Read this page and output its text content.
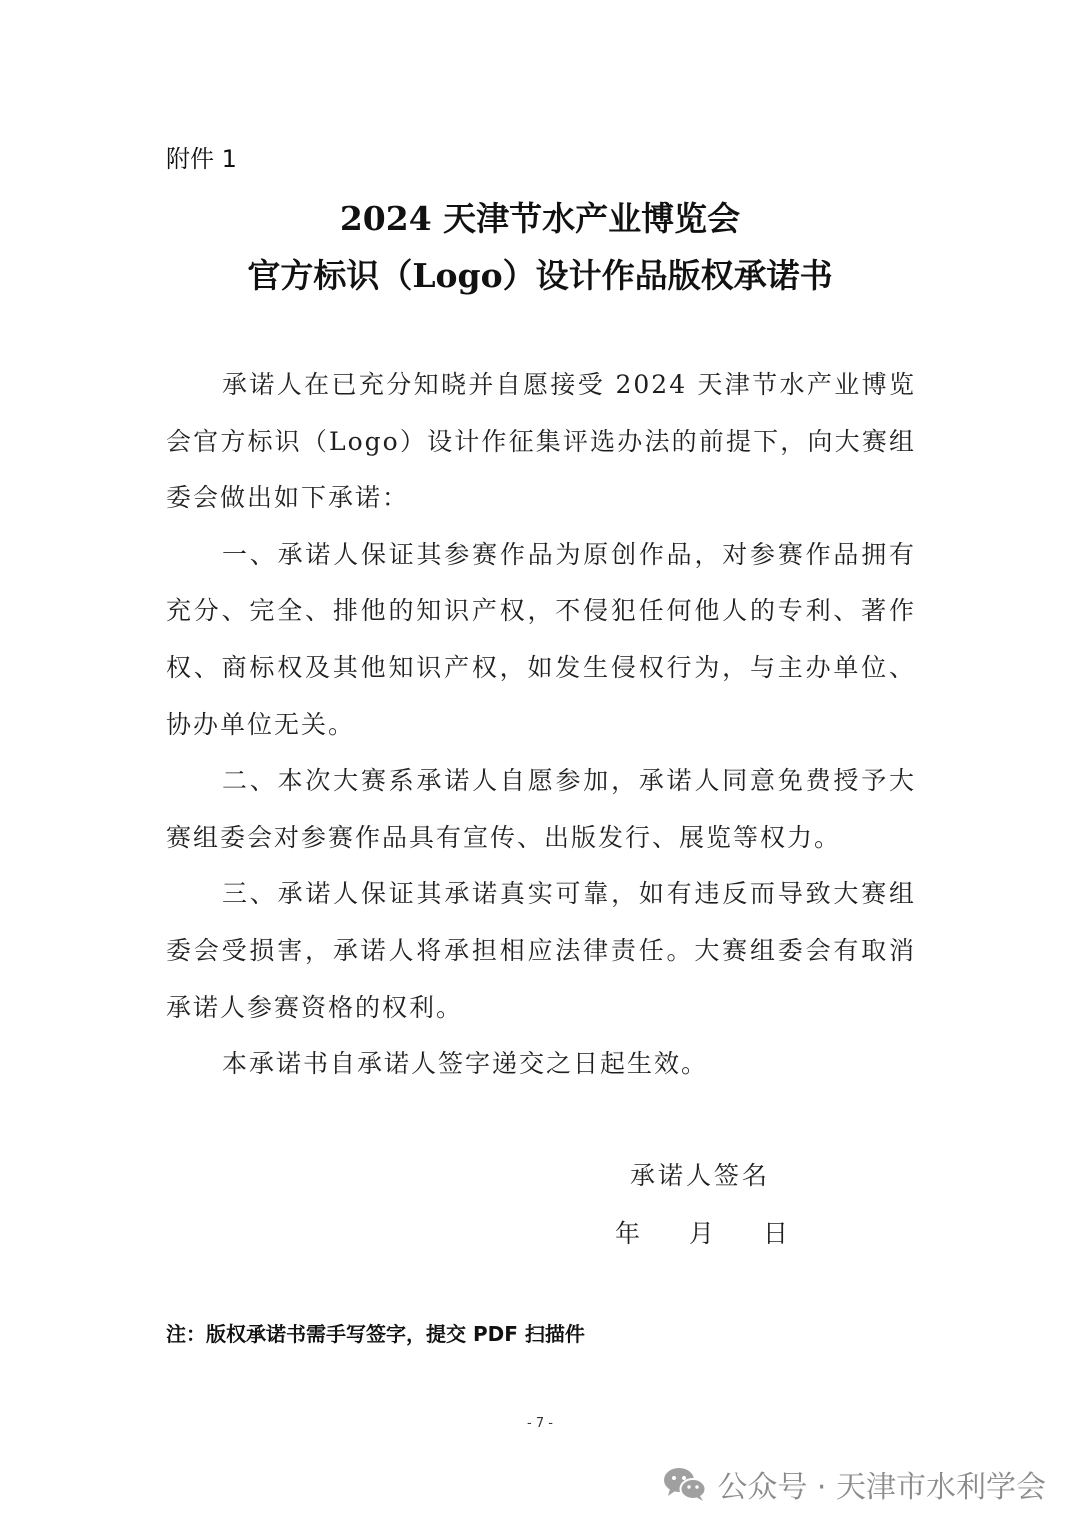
附件 1
2024 天津节水产业博览会
官方标识（Logo）设计作品版权承诺书

承诺人在已充分知晓并自愿接受 2024 天津节水产业博览会官方标识（Logo）设计作征集评选办法的前提下，向大赛组委会做出如下承诺：

一、承诺人保证其参赛作品为原创作品，对参赛作品拥有充分、完全、排他的知识产权，不侵犯任何他人的专利、著作权、商标权及其他知识产权，如发生侵权行为，与主办单位、协办单位无关。

二、本次大赛系承诺人自愿参加，承诺人同意免费授予大赛组委会对参赛作品具有宣传、出版发行、展览等权力。

三、承诺人保证其承诺真实可靠，如有违反而导致大赛组委会受损害，承诺人将承担相应法律责任。大赛组委会有取消承诺人参赛资格的权利。

本承诺书自承诺人签字递交之日起生效。

承诺人签名
年 月 日
注：版权承诺书需手写签字，提交 PDF 扫描件
- 7 -
公众号 · 天津市水利学会
